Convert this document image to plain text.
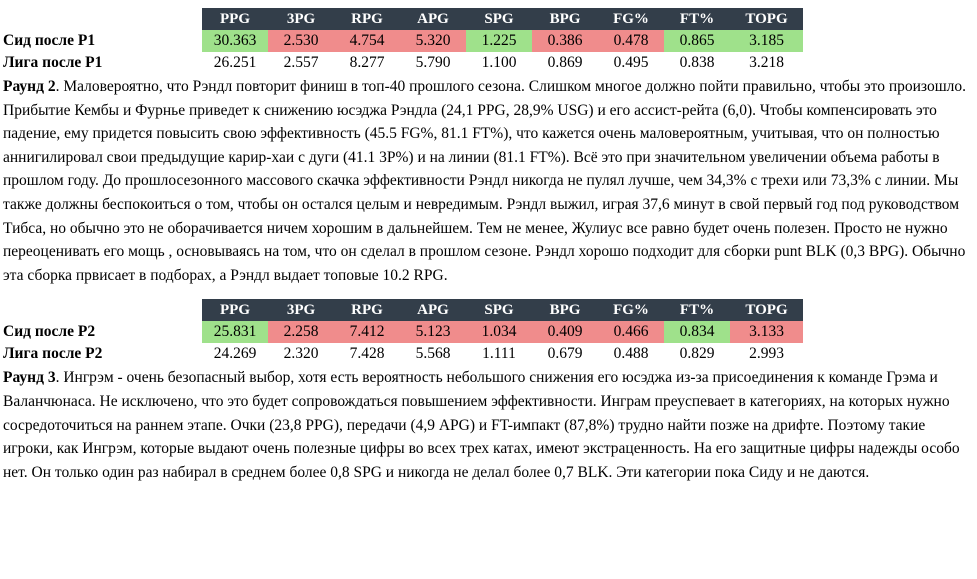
	PPG	3PG	RPG	APG	SPG	BPG	FG%	FT%	TOPG
Сид после Р1	30.363	2.530	4.754	5.320	1.225	0.386	0.478	0.865	3.185
Лига после Р1	26.251	2.557	8.277	5.790	1.100	0.869	0.495	0.838	3.218

Раунд 2. Маловероятно, что Рэндл повторит финиш в топ-40 прошлого сезона. Слишком многое должно пойти правильно, чтобы это произошло. Прибытие Кембы и Фурнье приведет к снижению юсэджа Рэндла (24,1 PPG, 28,9% USG) и его ассист-рейта (6,0). Чтобы компенсировать это падение, ему придется повысить свою эффективность (45.5 FG%, 81.1 FT%), что кажется очень маловероятным, учитывая, что он полностью аннигилировал свои предыдущие карир-хаи с дуги (41.1 3P%) и на линии (81.1 FT%). Всё это при значительном увеличении объема работы в прошлом году. До прошлосезонного массового скачка эффективности Рэндл никогда не пулял лучше, чем 34,3% с трехи или 73,3% с линии. Мы также должны беспокоиться о том, чтобы он остался целым и невредимым. Рэндл выжил, играя 37,6 минут в свой первый год под руководством Тибса, но обычно это не оборачивается ничем хорошим в дальнейшем. Тем не менее, Жулиус все равно будет очень полезен. Просто не нужно переоценивать его мощь , основываясь на том, что он сделал в прошлом сезоне. Рэндл хорошо подходит для сборки punt BLK (0,3 BPG). Обычно эта сборка првисает в подборах, а Рэндл выдает топовые 10.2 RPG.

	PPG	3PG	RPG	APG	SPG	BPG	FG%	FT%	TOPG
Сид после Р2	25.831	2.258	7.412	5.123	1.034	0.409	0.466	0.834	3.133
Лига после Р2	24.269	2.320	7.428	5.568	1.111	0.679	0.488	0.829	2.993

Раунд 3. Ингрэм - очень безопасный выбор, хотя есть вероятность небольшого снижения его юсэджа из-за присоединения к команде Грэма и Валанчюнаса. Не исключено, что это будет сопровождаться повышением эффективности. Инграм преуспевает в категориях, на которых нужно сосредоточиться на раннем этапе. Очки (23,8 PPG), передачи (4,9 APG) и FT-импакт (87,8%) трудно найти позже на дрифте. Поэтому такие игроки, как Ингрэм, которые выдают очень полезные цифры во всех трех катах, имеют экстраценность. На его защитные цифры надежды особо нет. Он только один раз набирал в среднем более 0,8 SPG и никогда не делал более 0,7 BLK. Эти категории пока Сиду и не даются.
